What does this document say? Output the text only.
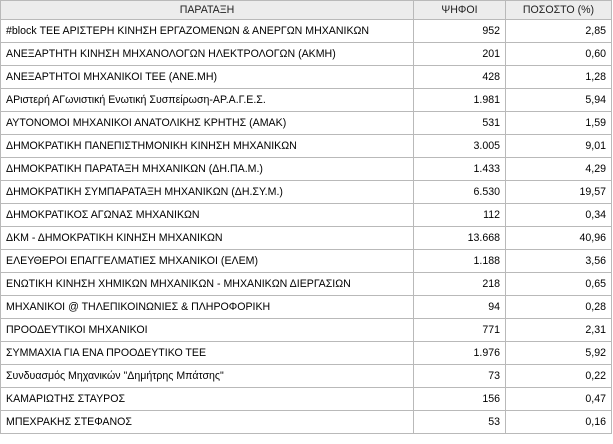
ΠΑΡΑΤΑΞΗ	ΨΗΦΟΙ	ΠΟΣΟΣΤΟ (%)
#block ΤΕΕ ΑΡΙΣΤΕΡΗ ΚΙΝΗΣΗ ΕΡΓΑΖΟΜΕΝΩΝ & ΑΝΕΡΓΩΝ ΜΗΧΑΝΙΚΩΝ	952	2,85
ΑΝΕΞΑΡΤΗΤΗ ΚΙΝΗΣΗ ΜΗΧΑΝΟΛΟΓΩΝ ΗΛΕΚΤΡΟΛΟΓΩΝ (ΑΚΜΗ)	201	0,60
ΑΝΕΞΑΡΤΗΤΟΙ ΜΗΧΑΝΙΚΟΙ ΤΕΕ (ΑΝΕ.ΜΗ)	428	1,28
ΑΡιστερή ΑΓωνιστική Ενωτική Συσπείρωση-ΑΡ.Α.Γ.Ε.Σ.	1.981	5,94
ΑΥΤΟΝΟΜΟΙ ΜΗΧΑΝΙΚΟΙ ΑΝΑΤΟΛΙΚΗΣ ΚΡΗΤΗΣ (ΑΜΑΚ)	531	1,59
ΔΗΜΟΚΡΑΤΙΚΗ ΠΑΝΕΠΙΣΤΗΜΟΝΙΚΗ ΚΙΝΗΣΗ ΜΗΧΑΝΙΚΩΝ	3.005	9,01
ΔΗΜΟΚΡΑΤΙΚΗ ΠΑΡΑΤΑΞΗ ΜΗΧΑΝΙΚΩΝ (ΔΗ.ΠΑ.Μ.)	1.433	4,29
ΔΗΜΟΚΡΑΤΙΚΗ ΣΥΜΠΑΡΑΤΑΞΗ ΜΗΧΑΝΙΚΩΝ (ΔΗ.ΣΥ.Μ.)	6.530	19,57
ΔΗΜΟΚΡΑΤΙΚΟΣ ΑΓΩΝΑΣ ΜΗΧΑΝΙΚΩΝ	112	0,34
ΔΚΜ - ΔΗΜΟΚΡΑΤΙΚΗ ΚΙΝΗΣΗ ΜΗΧΑΝΙΚΩΝ	13.668	40,96
ΕΛΕΥΘΕΡΟΙ ΕΠΑΓΓΕΛΜΑΤΙΕΣ ΜΗΧΑΝΙΚΟΙ (ΕΛΕΜ)	1.188	3,56
ΕΝΩΤΙΚΗ ΚΙΝΗΣΗ ΧΗΜΙΚΩΝ ΜΗΧΑΝΙΚΩΝ - ΜΗΧΑΝΙΚΩΝ ΔΙΕΡΓΑΣΙΩΝ	218	0,65
ΜΗΧΑΝΙΚΟΙ @ ΤΗΛΕΠΙΚΟΙΝΩΝΙΕΣ & ΠΛΗΡΟΦΟΡΙΚΗ	94	0,28
ΠΡΟΟΔΕΥΤΙΚΟΙ ΜΗΧΑΝΙΚΟΙ	771	2,31
ΣΥΜΜΑΧΙΑ ΓΙΑ ΕΝΑ ΠΡΟΟΔΕΥΤΙΚΟ ΤΕΕ	1.976	5,92
Συνδυασμός Μηχανικών "Δημήτρης Μπάτσης"	73	0,22
ΚΑΜΑΡΙΩΤΗΣ ΣΤΑΥΡΟΣ	156	0,47
ΜΠΕΧΡΑΚΗΣ ΣΤΕΦΑΝΟΣ	53	0,16
